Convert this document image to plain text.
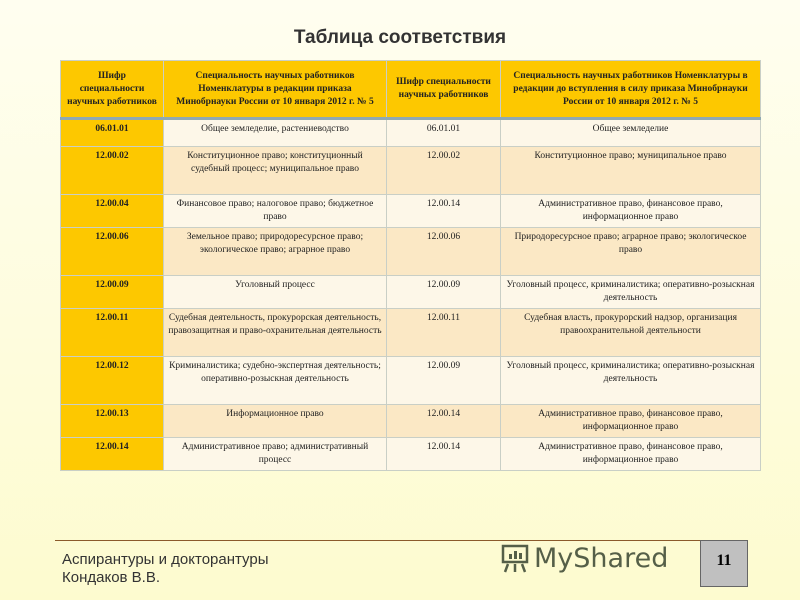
Таблица соответствия
Шифр специальности научных работников	Специальность научных работников Номенклатуры в редакции приказа Минобрнауки России от 10 января 2012 г. № 5	Шифр специальности научных работников	Специальность научных работников Номенклатуры в редакции до вступления в силу приказа Минобрнауки России от 10 января 2012 г. № 5
06.01.01	Общее земледелие, растениеводство	06.01.01	Общее земледелие
12.00.02	Конституционное право; конституционный судебный процесс; муниципальное право	12.00.02	Конституционное право; муниципальное право
12.00.04	Финансовое право; налоговое право; бюджетное право	12.00.14	Административное право, финансовое право, информационное право
12.00.06	Земельное право; природоресурсное право; экологическое право; аграрное право	12.00.06	Природоресурсное право; аграрное право; экологическое право
12.00.09	Уголовный процесс	12.00.09	Уголовный процесс, криминалистика; оперативно-розыскная деятельность
12.00.11	Судебная деятельность, прокурорская деятельность, правозащитная и право-охранительная деятельность	12.00.11	Судебная власть, прокурорский надзор, организация правоохранительной деятельности
12.00.12	Криминалистика; судебно-экспертная деятельность; оперативно-розыскная деятельность	12.00.09	Уголовный процесс, криминалистика; оперативно-розыскная деятельность
12.00.13	Информационное право	12.00.14	Административное право, финансовое право, информационное право
12.00.14	Административное право; административный процесс	12.00.14	Административное право, финансовое право, информационное право
Аспирантуры и докторантуры
Кондаков В.В.
MyShared	11
